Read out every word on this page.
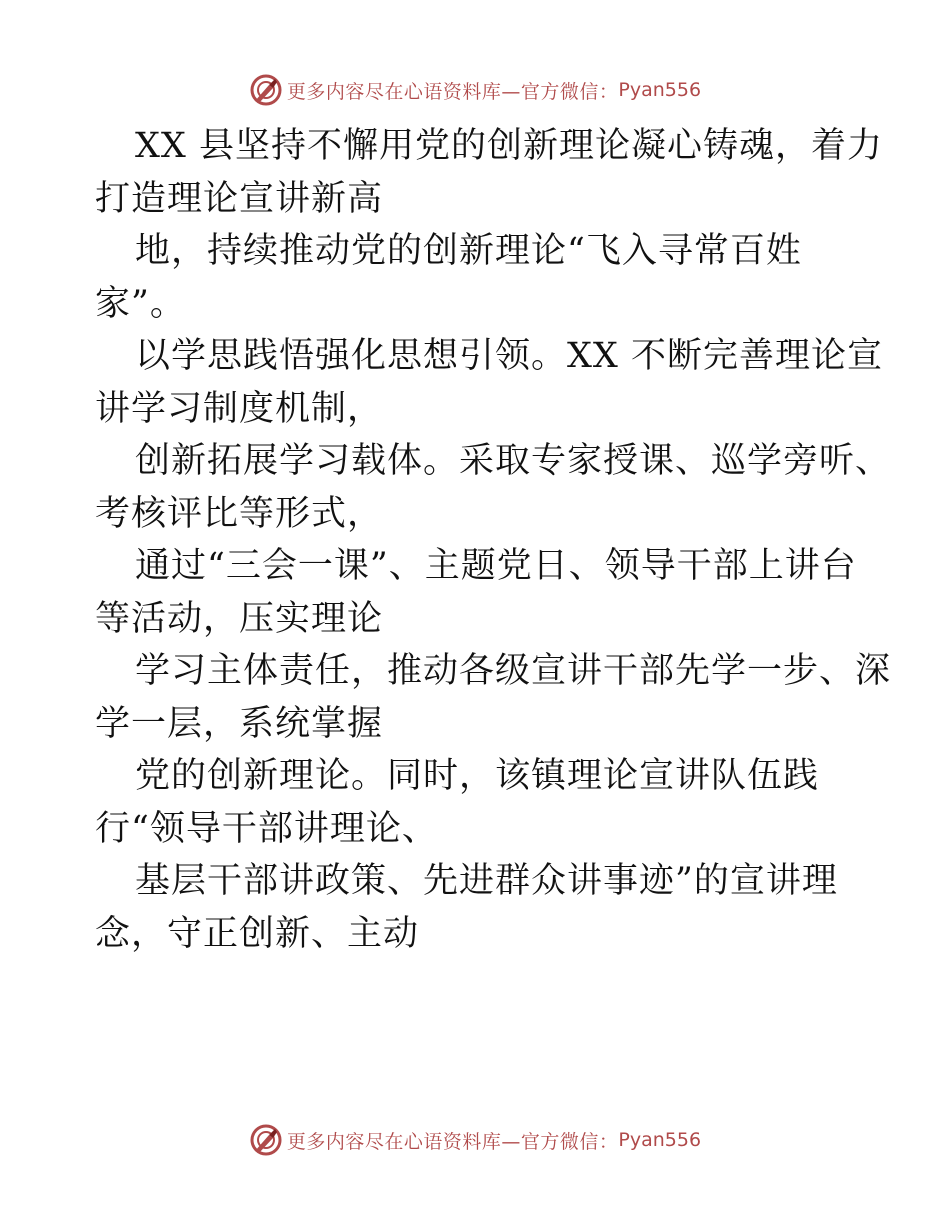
更多内容尽在心语资料库—官方微信： Pyan556
XX 县坚持不懈用党的创新理论凝心铸魂，着力
打造理论宣讲新高
地，持续推动党的创新理论“飞入寻常百姓
家”。
以学思践悟强化思想引领。XX 不断完善理论宣
讲学习制度机制，
创新拓展学习载体。采取专家授课、巡学旁听、
考核评比等形式，
通过“三会一课”、主题党日、领导干部上讲台
等活动，压实理论
学习主体责任，推动各级宣讲干部先学一步、深
学一层，系统掌握
党的创新理论。同时，该镇理论宣讲队伍践
行“领导干部讲理论、
基层干部讲政策、先进群众讲事迹”的宣讲理
念，守正创新、主动
更多内容尽在心语资料库—官方微信： Pyan556
